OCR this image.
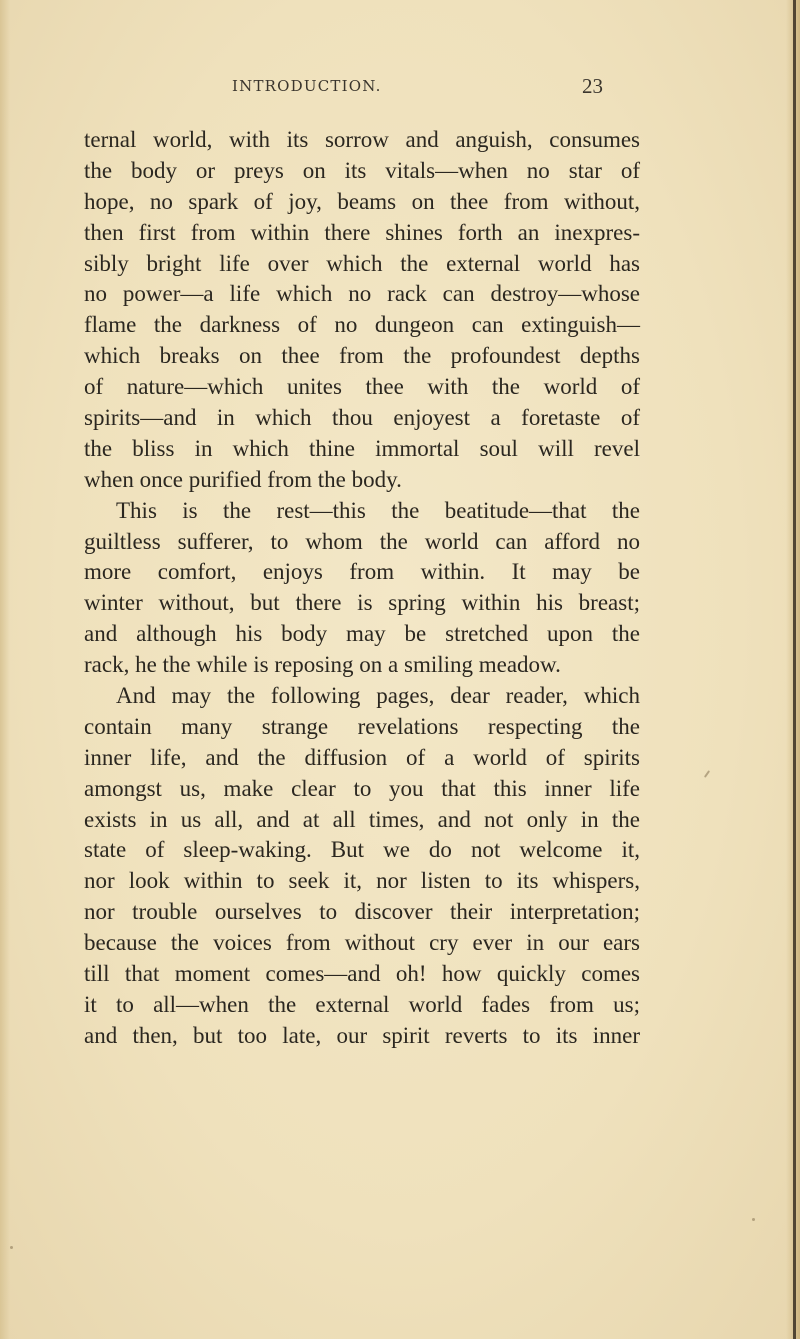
INTRODUCTION.	23
ternal world, with its sorrow and anguish, consumes
the body or preys on its vitals—when no star of
hope, no spark of joy, beams on thee from without,
then first from within there shines forth an inexpres-
sibly bright life over which the external world has
no power—a life which no rack can destroy—whose
flame the darkness of no dungeon can extinguish—
which breaks on thee from the profoundest depths
of nature—which unites thee with the world of
spirits—and in which thou enjoyest a foretaste of
the bliss in which thine immortal soul will revel
when once purified from the body.
This is the rest—this the beatitude—that the
guiltless sufferer, to whom the world can afford no
more comfort, enjoys from within. It may be
winter without, but there is spring within his breast;
and although his body may be stretched upon the
rack, he the while is reposing on a smiling meadow.
And may the following pages, dear reader, which
contain many strange revelations respecting the
inner life, and the diffusion of a world of spirits
amongst us, make clear to you that this inner life
exists in us all, and at all times, and not only in the
state of sleep-waking. But we do not welcome it,
nor look within to seek it, nor listen to its whispers,
nor trouble ourselves to discover their interpretation;
because the voices from without cry ever in our ears
till that moment comes—and oh! how quickly comes
it to all—when the external world fades from us;
and then, but too late, our spirit reverts to its inner
